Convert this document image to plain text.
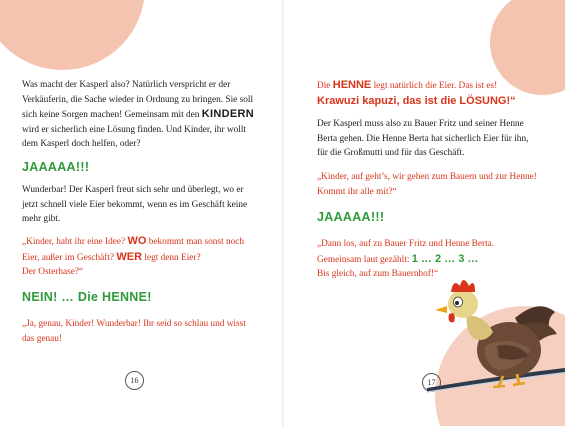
Was macht der Kasperl also? Natürlich verspricht er der
Verkäuferin, die Sache wieder in Ordnung zu bringen. Sie soll
sich keine Sorgen machen! Gemeinsam mit den KINDERN
wird er sicherlich eine Lösung finden. Und Kinder, ihr wollt
dem Kasperl doch helfen, oder?
JAAAAA!!!
Wunderbar! Der Kasperl freut sich sehr und überlegt, wo er
jetzt schnell viele Eier bekommt, wenn es im Geschäft keine
mehr gibt.
„Kinder, habt ihr eine Idee? WO bekommt man sonst noch
Eier, außer im Geschäft? WER legt denn Eier?
Der Osterhase?“
NEIN! … Die HENNE!
„Ja, genau, Kinder! Wunderbar! Ihr seid so schlau und wisst
das genau!
16
Die HENNE legt natürlich die Eier. Das ist es!
Krawuzi kapuzi, das ist die LÖSUNG!“
Der Kasperl muss also zu Bauer Fritz und seiner Henne
Berta gehen. Die Henne Berta hat sicherlich Eier für ihn,
für die Großmutti und für das Geschäft.
„Kinder, auf geht’s, wir gehen zum Bauern und zur Henne!
Kommt ihr alle mit?“
JAAAAA!!!
„Dann los, auf zu Bauer Fritz und Henne Berta.
Gemeinsam laut gezählt: 1 … 2 … 3 …
Bis gleich, auf zum Bauernhof!“
17
